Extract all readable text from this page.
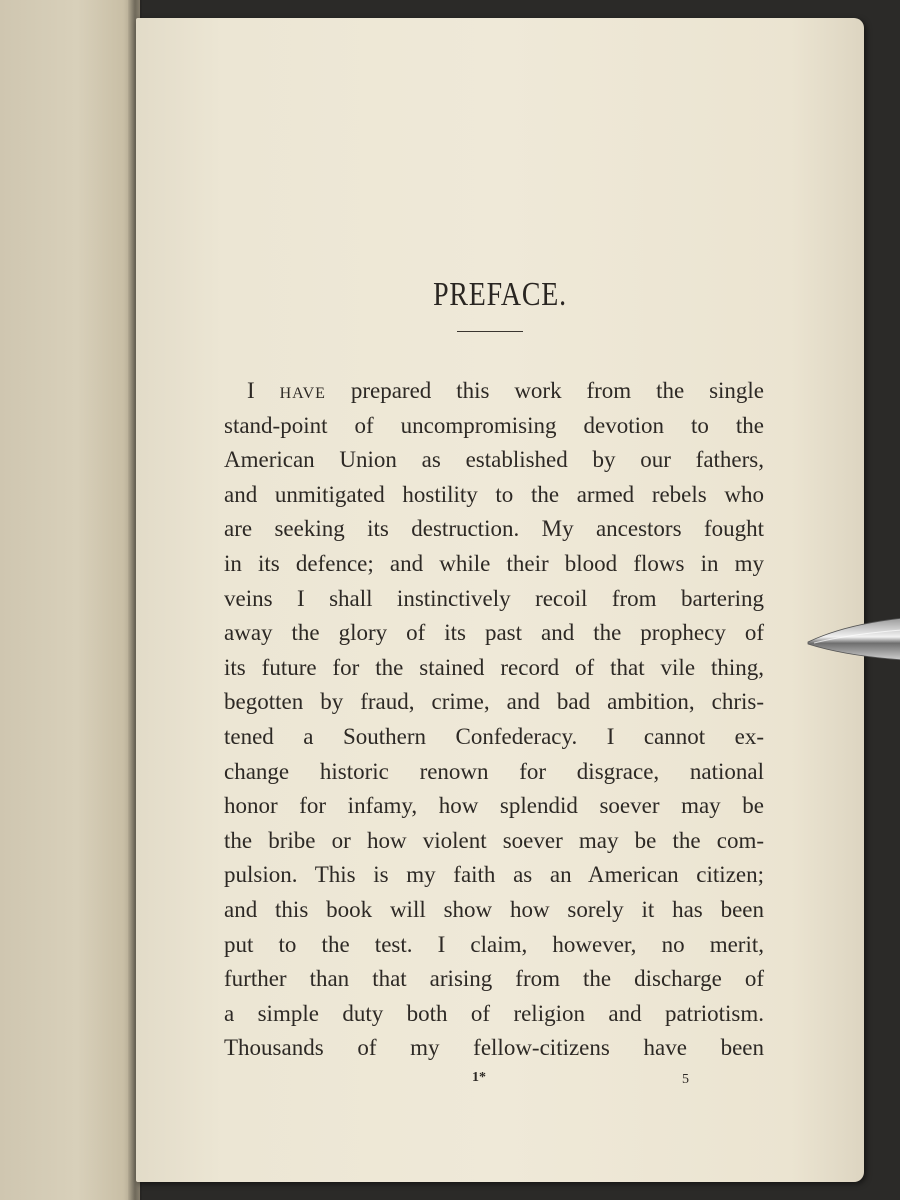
PREFACE.
I have prepared this work from the single
stand-point of uncompromising devotion to the
American Union as established by our fathers,
and unmitigated hostility to the armed rebels who
are seeking its destruction. My ancestors fought
in its defence; and while their blood flows in my
veins I shall instinctively recoil from bartering
away the glory of its past and the prophecy of
its future for the stained record of that vile thing,
begotten by fraud, crime, and bad ambition, chris-
tened a Southern Confederacy. I cannot ex-
change historic renown for disgrace, national
honor for infamy, how splendid soever may be
the bribe or how violent soever may be the com-
pulsion. This is my faith as an American citizen;
and this book will show how sorely it has been
put to the test. I claim, however, no merit,
further than that arising from the discharge of
a simple duty both of religion and patriotism.
Thousands of my fellow-citizens have been
1*	5
